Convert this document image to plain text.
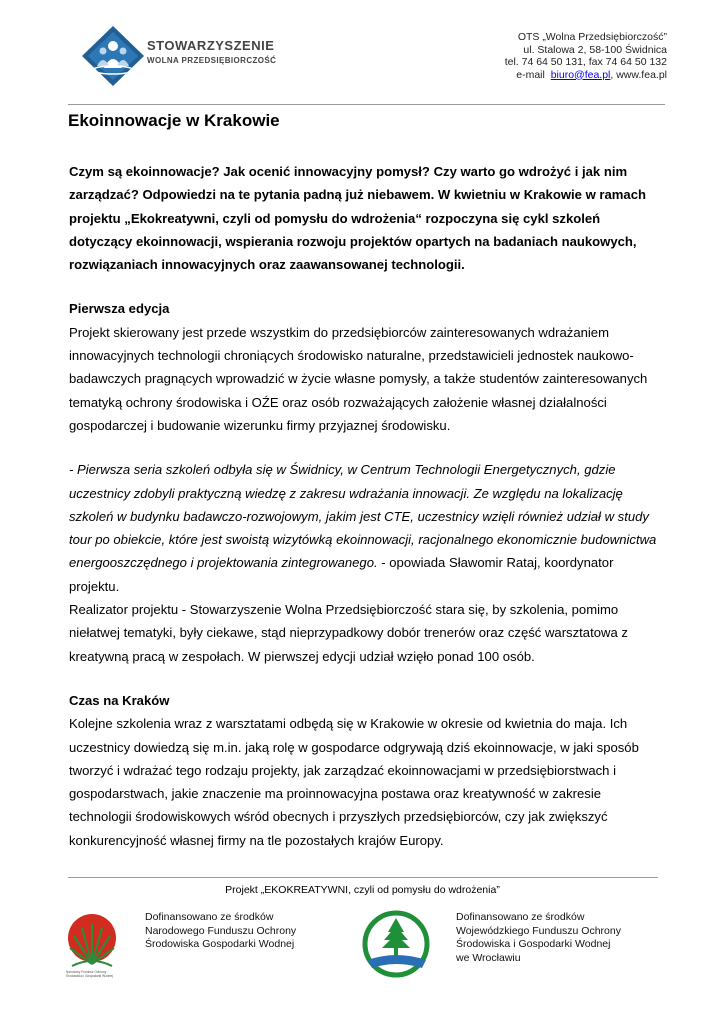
STOWARZYSZENIE
WOLNA PRZEDSIĘBIORCZOŚĆ
OTS „Wolna Przedsiębiorczość”
ul. Stalowa 2, 58-100 Świdnica
tel. 74 64 50 131, fax 74 64 50 132
e-mail biuro@fea.pl, www.fea.pl
Ekoinnowacje w Krakowie

Czym są ekoinnowacje? Jak ocenić innowacyjny pomysł? Czy warto go wdrożyć i jak nim zarządzać? Odpowiedzi na te pytania padną już niebawem. W kwietniu w Krakowie w ramach projektu „Ekokreatywni, czyli od pomysłu do wdrożenia“ rozpoczyna się cykl szkoleń dotyczący ekoinnowacji, wspierania rozwoju projektów opartych na badaniach naukowych, rozwiązaniach innowacyjnych oraz zaawansowanej technologii.

Pierwsza edycja

Projekt skierowany jest przede wszystkim do przedsiębiorców zainteresowanych wdrażaniem innowacyjnych technologii chroniących środowisko naturalne, przedstawicieli jednostek naukowo-badawczych pragnących wprowadzić w życie własne pomysły, a także studentów zainteresowanych tematyką ochrony środowiska i OŹE oraz osób rozważających założenie własnej działalności gospodarczej i budowanie wizerunku firmy przyjaznej środowisku.

- Pierwsza seria szkoleń odbyła się w Świdnicy, w Centrum Technologii Energetycznych, gdzie uczestnicy zdobyli praktyczną wiedzę z zakresu wdrażania innowacji. Ze względu na lokalizację szkoleń w budynku badawczo-rozwojowym, jakim jest CTE, uczestnicy wzięli również udział w study tour po obiekcie, które jest swoistą wizytówką ekoinnowacji, racjonalnego ekonomicznie budownictwa energooszczędnego i projektowania zintegrowanego. - opowiada Sławomir Rataj, koordynator projektu.

Realizator projektu - Stowarzyszenie Wolna Przedsiębiorczość stara się, by szkolenia, pomimo niełatwej tematyki, były ciekawe, stąd nieprzypadkowy dobór trenerów oraz część warsztatowa z kreatywną pracą w zespołach. W pierwszej edycji udział wzięło ponad 100 osób.

Czas na Kraków

Kolejne szkolenia wraz z warsztatami odbędą się w Krakowie w okresie od kwietnia do maja. Ich uczestnicy dowiedzą się m.in. jaką rolę w gospodarce odgrywają dziś ekoinnowacje, w jaki sposób tworzyć i wdrażać tego rodzaju projekty, jak zarządzać ekoinnowacjami w przedsiębiorstwach i gospodarstwach, jakie znaczenie ma proinnowacyjna postawa oraz kreatywność w zakresie technologii środowiskowych wśród obecnych i przyszłych przedsiębiorców, czy jak zwiększyć konkurencyjność własnej firmy na tle pozostałych krajów Europy.

Projekt „EKOKREATYWNI, czyli od pomysłu do wdrożenia”
Narodowy Fundusz Ochrony Środowiska i Gospodarki Wodnej
Dofinansowano ze środków
Narodowego Funduszu Ochrony
Środowiska Gospodarki Wodnej
Dofinansowano ze środków
Wojewódzkiego Funduszu Ochrony
Środowiska i Gospodarki Wodnej
we Wrocławiu
